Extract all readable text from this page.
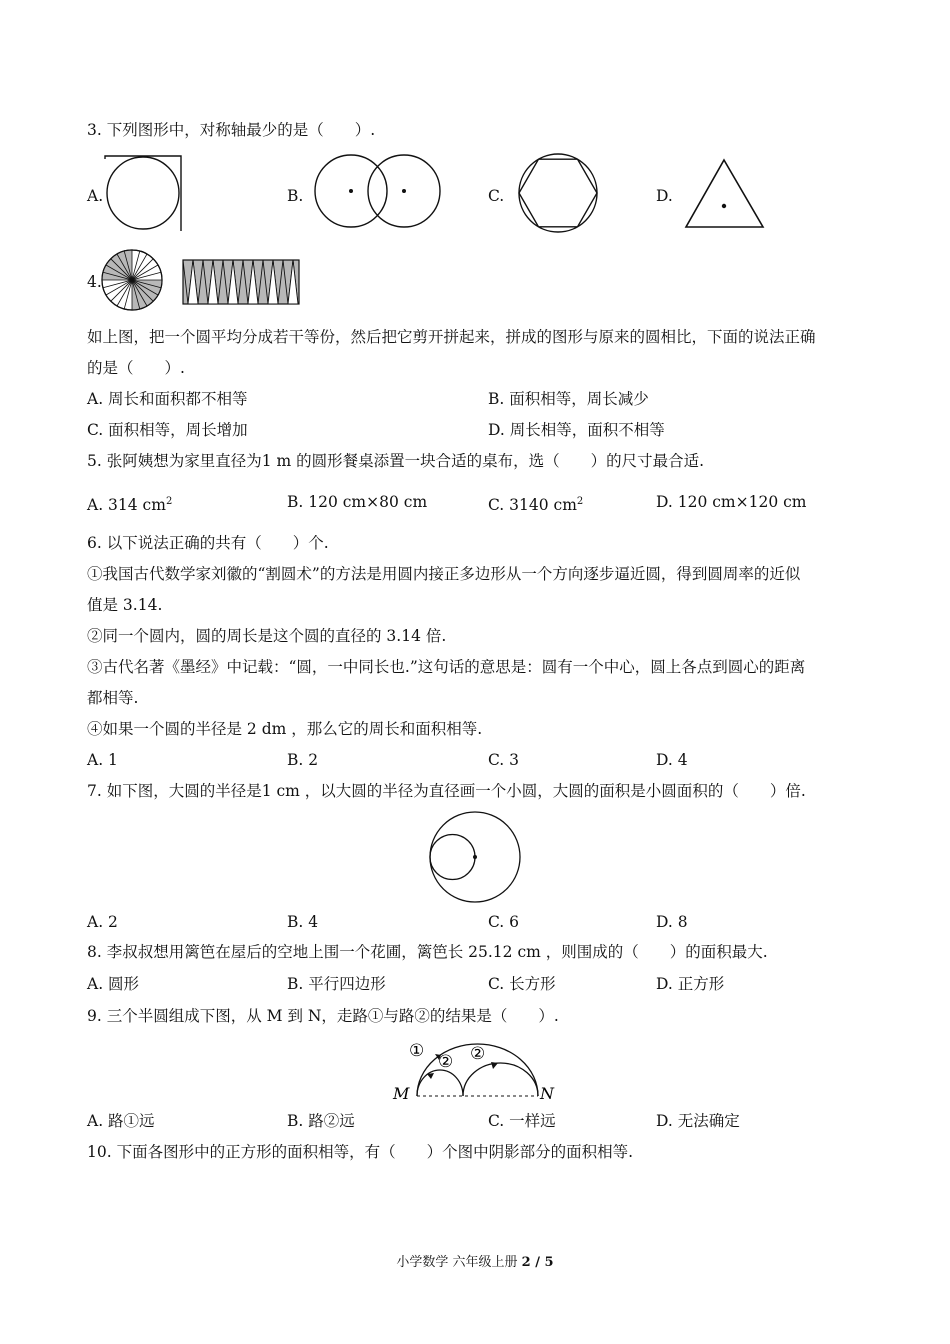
3. 下列图形中，对称轴最少的是（　　）.
A.	B.	C.	D.
4.
如上图，把一个圆平均分成若干等份，然后把它剪开拼起来，拼成的图形与原来的圆相比，下面的说法正确
的是（　　）.
A. 周长和面积都不相等	B. 面积相等，周长减少
C. 面积相等，周长增加	D. 周长相等，面积不相等
5. 张阿姨想为家里直径为1 m 的圆形餐桌添置一块合适的桌布，选（　　）的尺寸最合适.
A. 314 $cm^2$	B. 120 cm×80 cm	C. 3140 $cm^2$	D. 120 cm×120 cm
6. 以下说法正确的共有（　　）个.
①我国古代数学家刘徽的“割圆术”的方法是用圆内接正多边形从一个方向逐步逼近圆，得到圆周率的近似
值是 3.14.
②同一个圆内，圆的周长是这个圆的直径的 3.14 倍.
③古代名著《墨经》中记载：“圆，一中同长也.”这句话的意思是：圆有一个中心，圆上各点到圆心的距离
都相等.
④如果一个圆的半径是 2 dm ，那么它的周长和面积相等.
A. 1	B. 2	C. 3	D. 4
7. 如下图，大圆的半径是1 cm ，以大圆的半径为直径画一个小圆，大圆的面积是小圆面积的（　　）倍.
A. 2	B. 4	C. 6	D. 8
8. 李叔叔想用篱笆在屋后的空地上围一个花圃，篱笆长 25.12 cm ，则围成的（　　）的面积最大.
A. 圆形	B. 平行四边形	C. 长方形	D. 正方形
9. 三个半圆组成下图，从 M 到 N，走路①与路②的结果是（　　）.
①
② ②
M	N
A. 路①远	B. 路②远	C. 一样远	D. 无法确定
10. 下面各图形中的正方形的面积相等，有（　　）个图中阴影部分的面积相等.
小学数学 六年级上册 2 / 5
